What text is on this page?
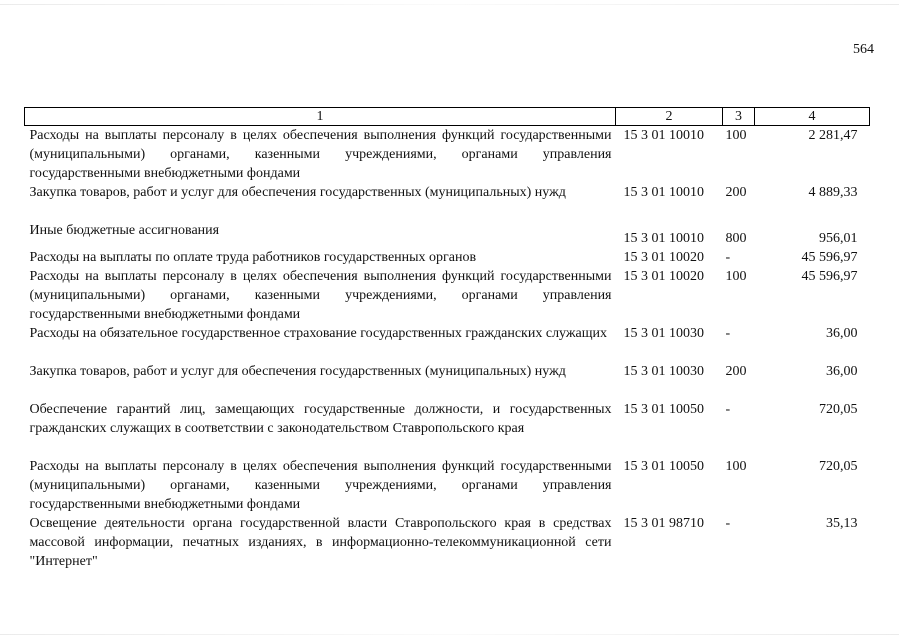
564
1	2	3	4
Расходы на выплаты персоналу в целях обеспечения выполнения функций государственными (муниципальными) органами, казенными учреждениями, органами управления государственными внебюджетными фондами	15 3 01 10010	100	2 281,47
Закупка товаров, работ и услуг для обеспечения государственных (муниципальных) нужд	15 3 01 10010	200	4 889,33
Иные бюджетные ассигнования	15 3 01 10010	800	956,01
Расходы на выплаты по оплате труда работников государственных органов	15 3 01 10020	-	45 596,97
Расходы на выплаты персоналу в целях обеспечения выполнения функций государственными (муниципальными) органами, казенными учреждениями, органами управления государственными внебюджетными фондами	15 3 01 10020	100	45 596,97
Расходы на обязательное государственное страхование государственных гражданских служащих	15 3 01 10030	-	36,00
Закупка товаров, работ и услуг для обеспечения государственных (муниципальных) нужд	15 3 01 10030	200	36,00
Обеспечение гарантий лиц, замещающих государственные должности, и государственных гражданских служащих в соответствии с законодательством Ставропольского края	15 3 01 10050	-	720,05
Расходы на выплаты персоналу в целях обеспечения выполнения функций государственными (муниципальными) органами, казенными учреждениями, органами управления государственными внебюджетными фондами	15 3 01 10050	100	720,05
Освещение деятельности органа государственной власти Ставропольского края в средствах массовой информации, печатных изданиях, в информационно-телекоммуникационной сети "Интернет"	15 3 01 98710	-	35,13
